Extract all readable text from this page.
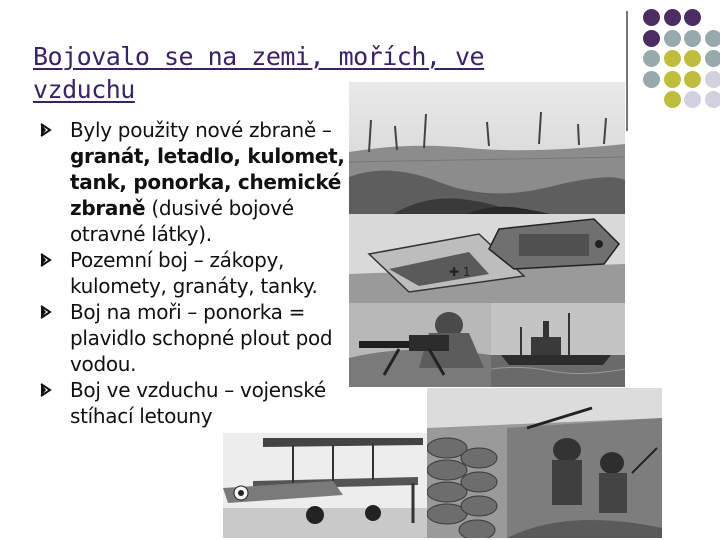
Bojovalo se na zemi, mořích, ve vzduchu
✚ 1
Byly použity nové zbraně – granát, letadlo, kulomet, tank, ponorka, chemické zbraně (dusivé bojové otravné látky).
Pozemní boj – zákopy, kulomety, granáty, tanky.
Boj na moři – ponorka = plavidlo schopné plout pod vodou.
Boj ve vzduchu – vojenské stíhací letouny
